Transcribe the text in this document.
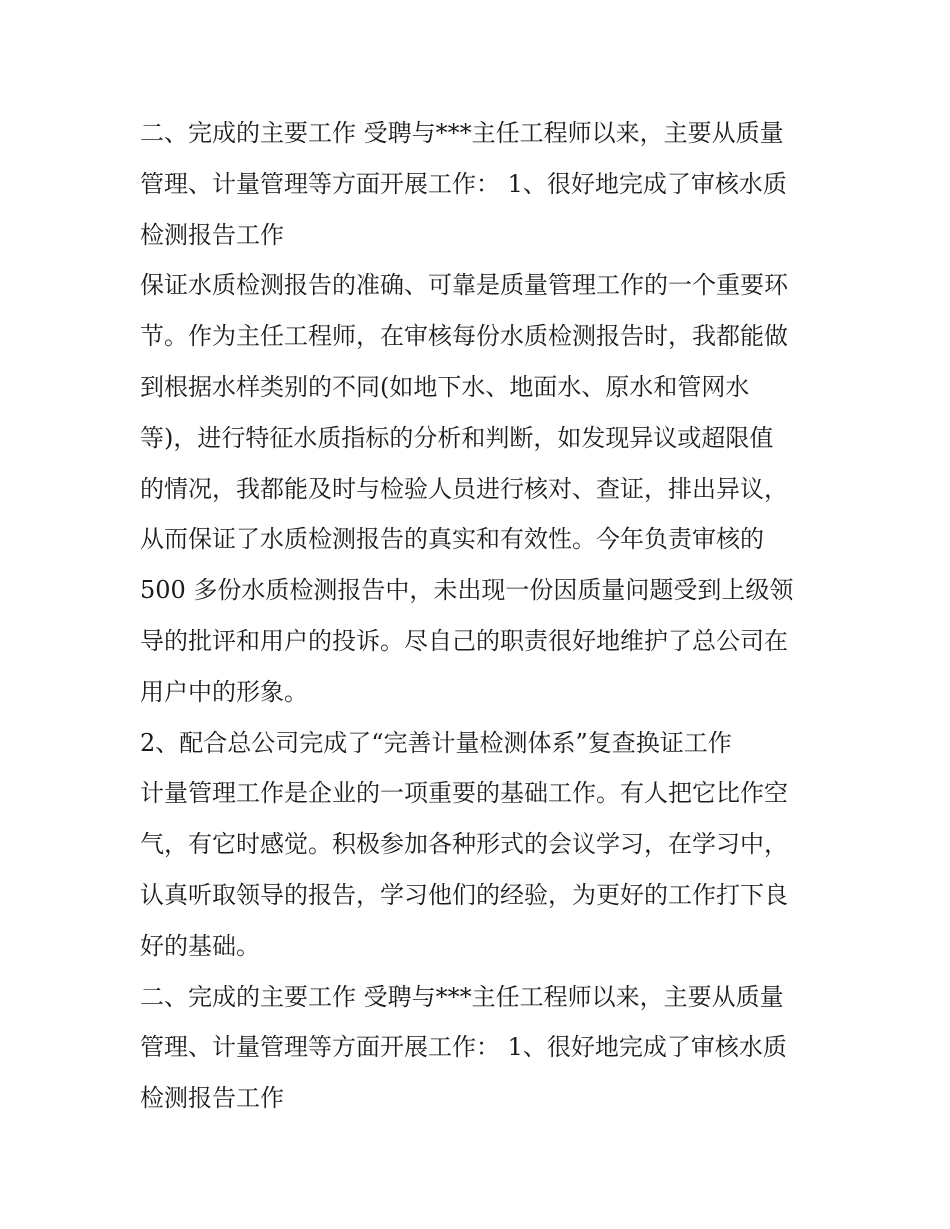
二、完成的主要工作 受聘与***主任工程师以来，主要从质量
管理、计量管理等方面开展工作： 1、很好地完成了审核水质
检测报告工作
保证水质检测报告的准确、可靠是质量管理工作的一个重要环
节。作为主任工程师，在审核每份水质检测报告时，我都能做
到根据水样类别的不同(如地下水、地面水、原水和管网水
等)，进行特征水质指标的分析和判断，如发现异议或超限值
的情况，我都能及时与检验人员进行核对、查证，排出异议，
从而保证了水质检测报告的真实和有效性。今年负责审核的
500 多份水质检测报告中，未出现一份因质量问题受到上级领
导的批评和用户的投诉。尽自己的职责很好地维护了总公司在
用户中的形象。
2、配合总公司完成了“完善计量检测体系”复查换证工作
计量管理工作是企业的一项重要的基础工作。有人把它比作空
气，有它时感觉。积极参加各种形式的会议学习，在学习中，
认真听取领导的报告，学习他们的经验，为更好的工作打下良
好的基础。
二、完成的主要工作 受聘与***主任工程师以来，主要从质量
管理、计量管理等方面开展工作： 1、很好地完成了审核水质
检测报告工作
